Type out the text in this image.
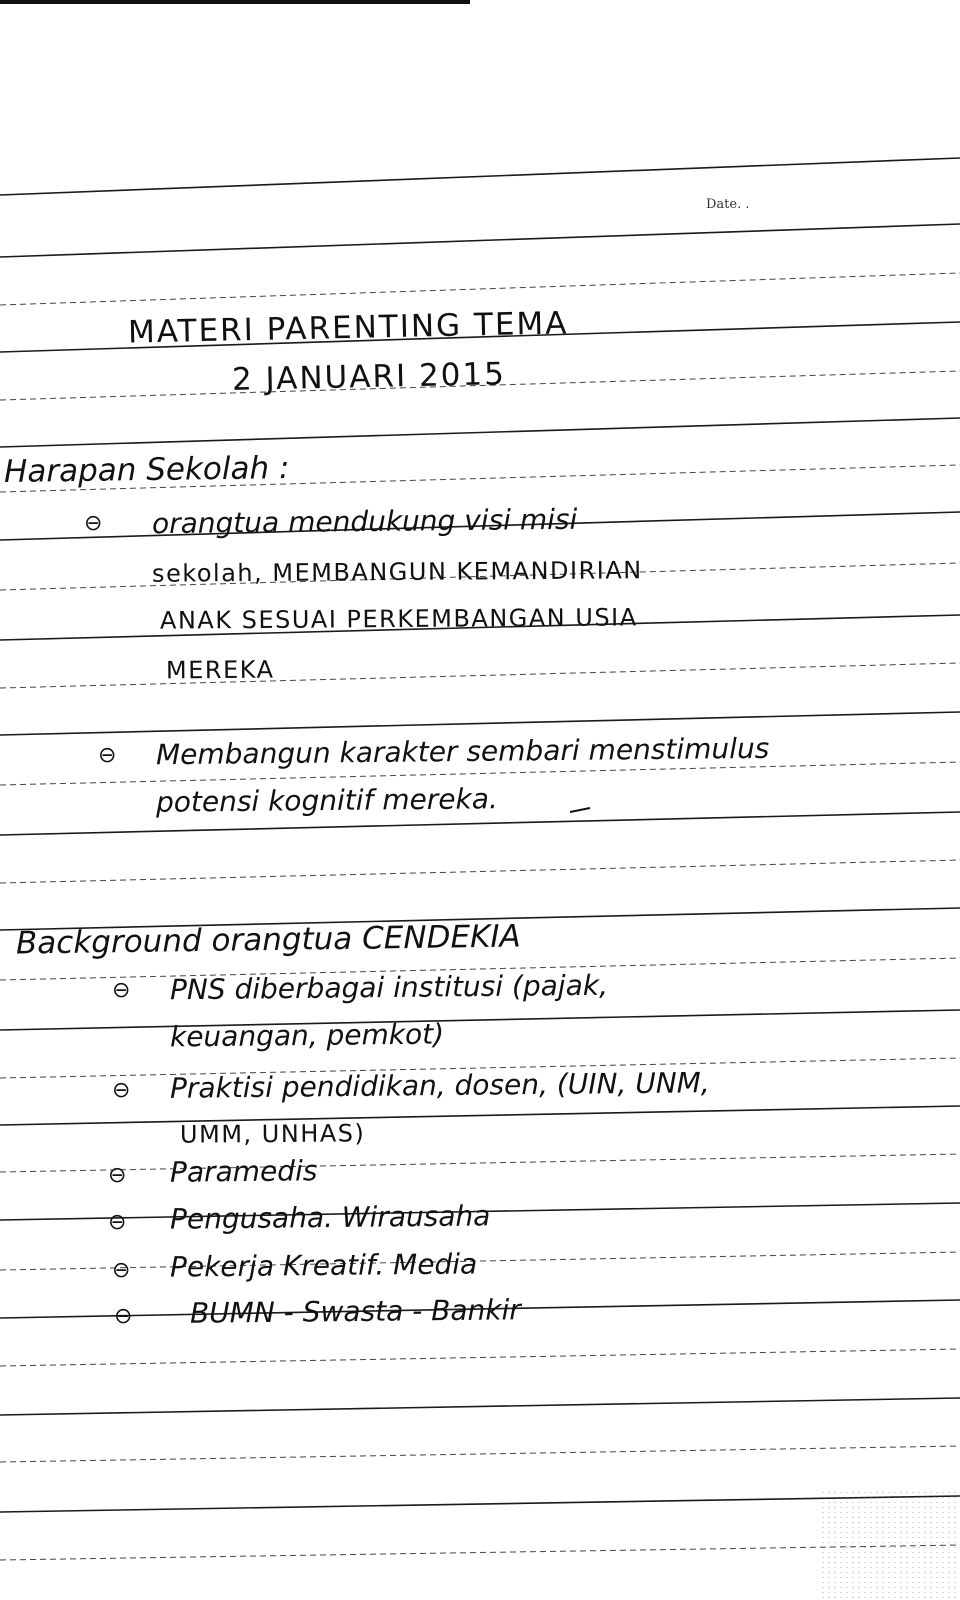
Date. .
MATERI PARENTING TEMA
2 JANUARI 2015
Harapan Sekolah :
⊖ orangtua mendukung visi misi
sekolah, MEMBANGUN KEMANDIRIAN
ANAK SESUAI PERKEMBANGAN USIA
MEREKA
⊖ Membangun karakter sembari menstimulus
potensi kognitif mereka.
Background orangtua CENDEKIA
⊖ PNS diberbagai institusi (pajak,
keuangan, pemkot)
⊖ Praktisi pendidikan, dosen, (UIN, UNM,
UMM, UNHAS)
⊖ Paramedis
⊖ Pengusaha. Wirausaha
⊖ Pekerja Kreatif. Media
⊖ BUMN - Swasta - Bankir
